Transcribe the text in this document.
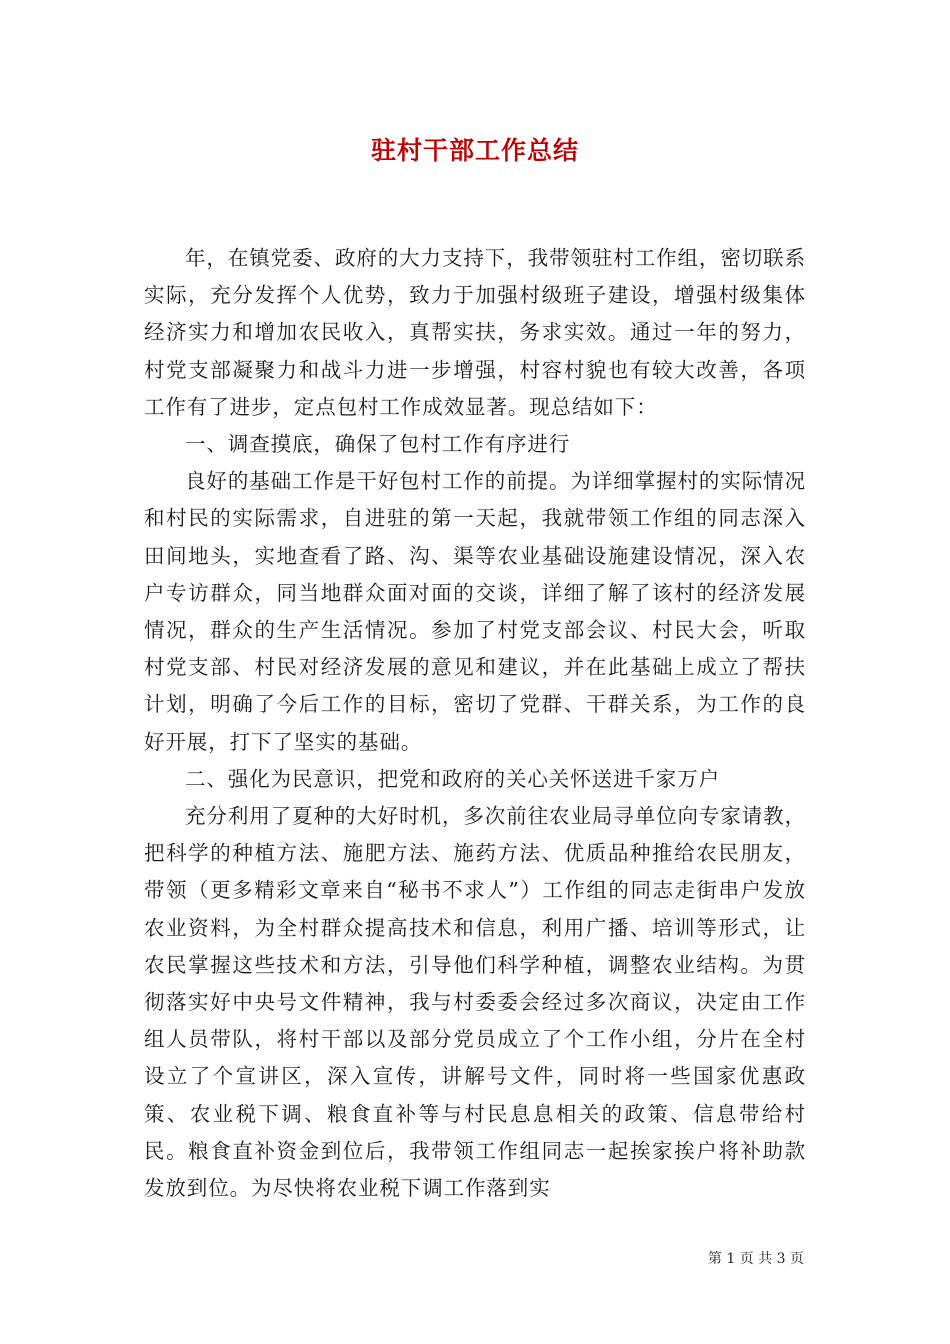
驻村干部工作总结

年，在镇党委、政府的大力支持下，我带领驻村工作组，密切联系实际，充分发挥个人优势，致力于加强村级班子建设，增强村级集体经济实力和增加农民收入，真帮实扶，务求实效。通过一年的努力，村党支部凝聚力和战斗力进一步增强，村容村貌也有较大改善，各项工作有了进步，定点包村工作成效显著。现总结如下：

一、调查摸底，确保了包村工作有序进行

良好的基础工作是干好包村工作的前提。为详细掌握村的实际情况和村民的实际需求，自进驻的第一天起，我就带领工作组的同志深入田间地头，实地查看了路、沟、渠等农业基础设施建设情况，深入农户专访群众，同当地群众面对面的交谈，详细了解了该村的经济发展情况，群众的生产生活情况。参加了村党支部会议、村民大会，听取村党支部、村民对经济发展的意见和建议，并在此基础上成立了帮扶计划，明确了今后工作的目标，密切了党群、干群关系，为工作的良好开展，打下了坚实的基础。

二、强化为民意识，把党和政府的关心关怀送进千家万户

充分利用了夏种的大好时机，多次前往农业局寻单位向专家请教，把科学的种植方法、施肥方法、施药方法、优质品种推给农民朋友，带领（更多精彩文章来自“秘书不求人”）工作组的同志走街串户发放农业资料，为全村群众提高技术和信息，利用广播、培训等形式，让农民掌握这些技术和方法，引导他们科学种植，调整农业结构。为贯彻落实好中央号文件精神，我与村委委会经过多次商议，决定由工作组人员带队，将村干部以及部分党员成立了个工作小组，分片在全村设立了个宣讲区，深入宣传，讲解号文件，同时将一些国家优惠政策、农业税下调、粮食直补等与村民息息相关的政策、信息带给村民。粮食直补资金到位后，我带领工作组同志一起挨家挨户将补助款发放到位。为尽快将农业税下调工作落到实

第 1 页 共 3 页
